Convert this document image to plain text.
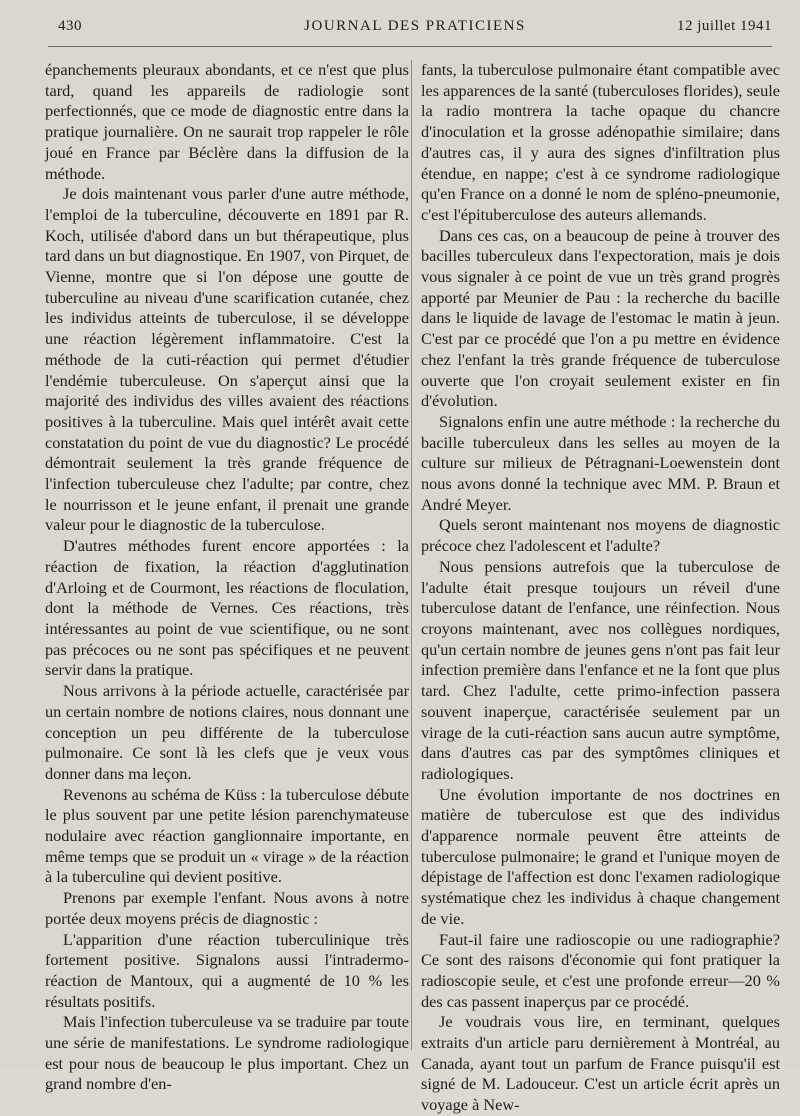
430	JOURNAL DES PRATICIENS	12 juillet 1941

épanchements pleuraux abondants, et ce n'est que plus tard, quand les appareils de radiologie sont perfectionnés, que ce mode de diagnostic entre dans la pratique journalière. On ne saurait trop rappeler le rôle joué en France par Béclère dans la diffusion de la méthode.

Je dois maintenant vous parler d'une autre méthode, l'emploi de la tuberculine, découverte en 1891 par R. Koch, utilisée d'abord dans un but thérapeutique, plus tard dans un but diagnostique. En 1907, von Pirquet, de Vienne, montre que si l'on dépose une goutte de tuberculine au niveau d'une scarification cutanée, chez les individus atteints de tuberculose, il se développe une réaction légèrement inflammatoire. C'est la méthode de la cuti-réaction qui permet d'étudier l'endémie tuberculeuse. On s'aperçut ainsi que la majorité des individus des villes avaient des réactions positives à la tuberculine. Mais quel intérêt avait cette constatation du point de vue du diagnostic? Le procédé démontrait seulement la très grande fréquence de l'infection tuberculeuse chez l'adulte; par contre, chez le nourrisson et le jeune enfant, il prenait une grande valeur pour le diagnostic de la tuberculose.

D'autres méthodes furent encore apportées : la réaction de fixation, la réaction d'agglutination d'Arloing et de Courmont, les réactions de floculation, dont la méthode de Vernes. Ces réactions, très intéressantes au point de vue scientifique, ou ne sont pas précoces ou ne sont pas spécifiques et ne peuvent servir dans la pratique.

Nous arrivons à la période actuelle, caractérisée par un certain nombre de notions claires, nous donnant une conception un peu différente de la tuberculose pulmonaire. Ce sont là les clefs que je veux vous donner dans ma leçon.

Revenons au schéma de Küss : la tuberculose débute le plus souvent par une petite lésion parenchymateuse nodulaire avec réaction ganglionnaire importante, en même temps que se produit un « virage » de la réaction à la tuberculine qui devient positive.

Prenons par exemple l'enfant. Nous avons à notre portée deux moyens précis de diagnostic :

L'apparition d'une réaction tuberculinique très fortement positive. Signalons aussi l'intradermo-réaction de Mantoux, qui a augmenté de 10 % les résultats positifs.

Mais l'infection tuberculeuse va se traduire par toute une série de manifestations. Le syndrome radiologique est pour nous de beaucoup le plus important. Chez un grand nombre d'en-

fants, la tuberculose pulmonaire étant compatible avec les apparences de la santé (tuberculoses florides), seule la radio montrera la tache opaque du chancre d'inoculation et la grosse adénopathie similaire; dans d'autres cas, il y aura des signes d'infiltration plus étendue, en nappe; c'est à ce syndrome radiologique qu'en France on a donné le nom de spléno-pneumonie, c'est l'épituberculose des auteurs allemands.

Dans ces cas, on a beaucoup de peine à trouver des bacilles tuberculeux dans l'expectoration, mais je dois vous signaler à ce point de vue un très grand progrès apporté par Meunier de Pau : la recherche du bacille dans le liquide de lavage de l'estomac le matin à jeun. C'est par ce procédé que l'on a pu mettre en évidence chez l'enfant la très grande fréquence de tuberculose ouverte que l'on croyait seulement exister en fin d'évolution.

Signalons enfin une autre méthode : la recherche du bacille tuberculeux dans les selles au moyen de la culture sur milieux de Pétragnani-Loewenstein dont nous avons donné la technique avec MM. P. Braun et André Meyer.

Quels seront maintenant nos moyens de diagnostic précoce chez l'adolescent et l'adulte?

Nous pensions autrefois que la tuberculose de l'adulte était presque toujours un réveil d'une tuberculose datant de l'enfance, une réinfection. Nous croyons maintenant, avec nos collègues nordiques, qu'un certain nombre de jeunes gens n'ont pas fait leur infection première dans l'enfance et ne la font que plus tard. Chez l'adulte, cette primo-infection passera souvent inaperçue, caractérisée seulement par un virage de la cuti-réaction sans aucun autre symptôme, dans d'autres cas par des symptômes cliniques et radiologiques.

Une évolution importante de nos doctrines en matière de tuberculose est que des individus d'apparence normale peuvent être atteints de tuberculose pulmonaire; le grand et l'unique moyen de dépistage de l'affection est donc l'examen radiologique systématique chez les individus à chaque changement de vie.

Faut-il faire une radioscopie ou une radiographie? Ce sont des raisons d'économie qui font pratiquer la radioscopie seule, et c'est une profonde erreur—20 % des cas passent inaperçus par ce procédé.

Je voudrais vous lire, en terminant, quelques extraits d'un article paru dernièrement à Montréal, au Canada, ayant tout un parfum de France puisqu'il est signé de M. Ladouceur. C'est un article écrit après un voyage à New-
